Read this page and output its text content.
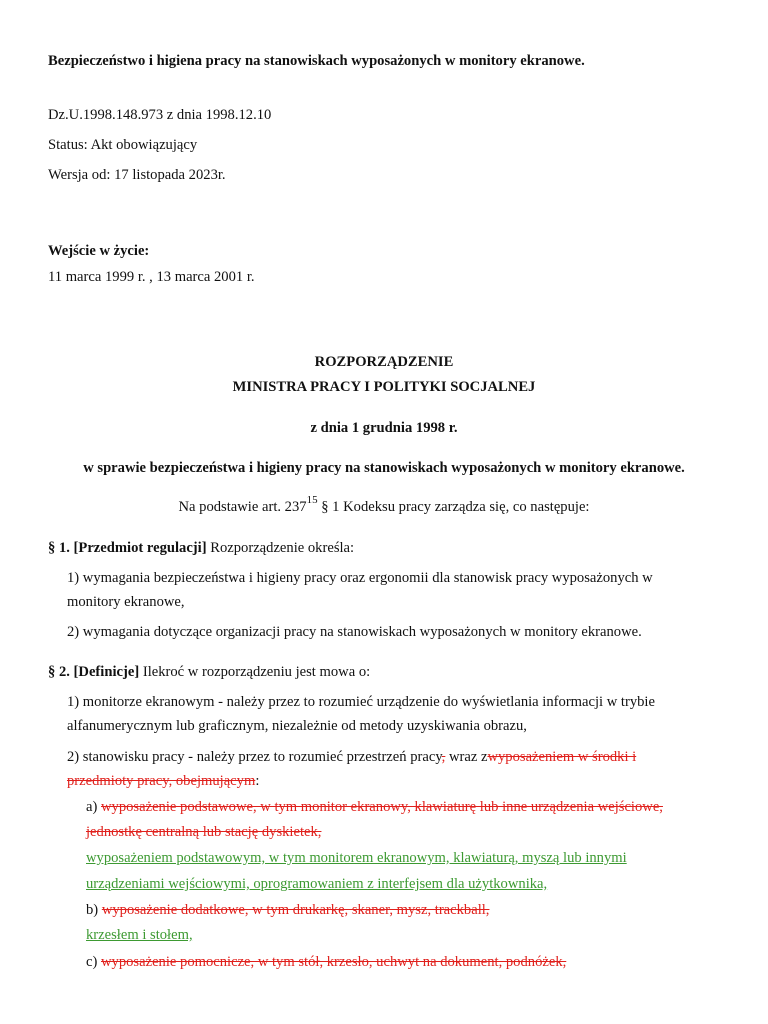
Bezpieczeństwo i higiena pracy na stanowiskach wyposażonych w monitory ekranowe.
Dz.U.1998.148.973 z dnia 1998.12.10
Status: Akt obowiązujący
Wersja od: 17 listopada 2023r.
Wejście w życie:
11 marca 1999 r. , 13 marca 2001 r.
ROZPORZĄDZENIE
MINISTRA PRACY I POLITYKI SOCJALNEJ
z dnia 1 grudnia 1998 r.
w sprawie bezpieczeństwa i higieny pracy na stanowiskach wyposażonych w monitory ekranowe.
Na podstawie art. $237^{15}$ § 1 Kodeksu pracy zarządza się, co następuje:
§ 1. [Przedmiot regulacji] Rozporządzenie określa:
1) wymagania bezpieczeństwa i higieny pracy oraz ergonomii dla stanowisk pracy wyposażonych w
monitory ekranowe,
2) wymagania dotyczące organizacji pracy na stanowiskach wyposażonych w monitory ekranowe.
§ 2. [Definicje] Ilekroć w rozporządzeniu jest mowa o:
1) monitorze ekranowym - należy przez to rozumieć urządzenie do wyświetlania informacji w trybie
alfanumerycznym lub graficznym, niezależnie od metody uzyskiwania obrazu,
2) stanowisku pracy - należy przez to rozumieć przestrzeń pracy, wraz zwyposażeniem w środki i
przedmioty pracy, obejmującym:
a) wyposażenie podstawowe, w tym monitor ekranowy, klawiaturę lub inne urządzenia wejściowe,
jednostkę centralną lub stację dyskietek,
wyposażeniem podstawowym, w tym monitorem ekranowym, klawiaturą, myszą lub innymi
urządzeniami wejściowymi, oprogramowaniem z interfejsem dla użytkownika,
b) wyposażenie dodatkowe, w tym drukarkę, skaner, mysz, trackball,
krzesłem i stołem,
c) wyposażenie pomocnicze, w tym stół, krzesło, uchwyt na dokument, podnóżek,
